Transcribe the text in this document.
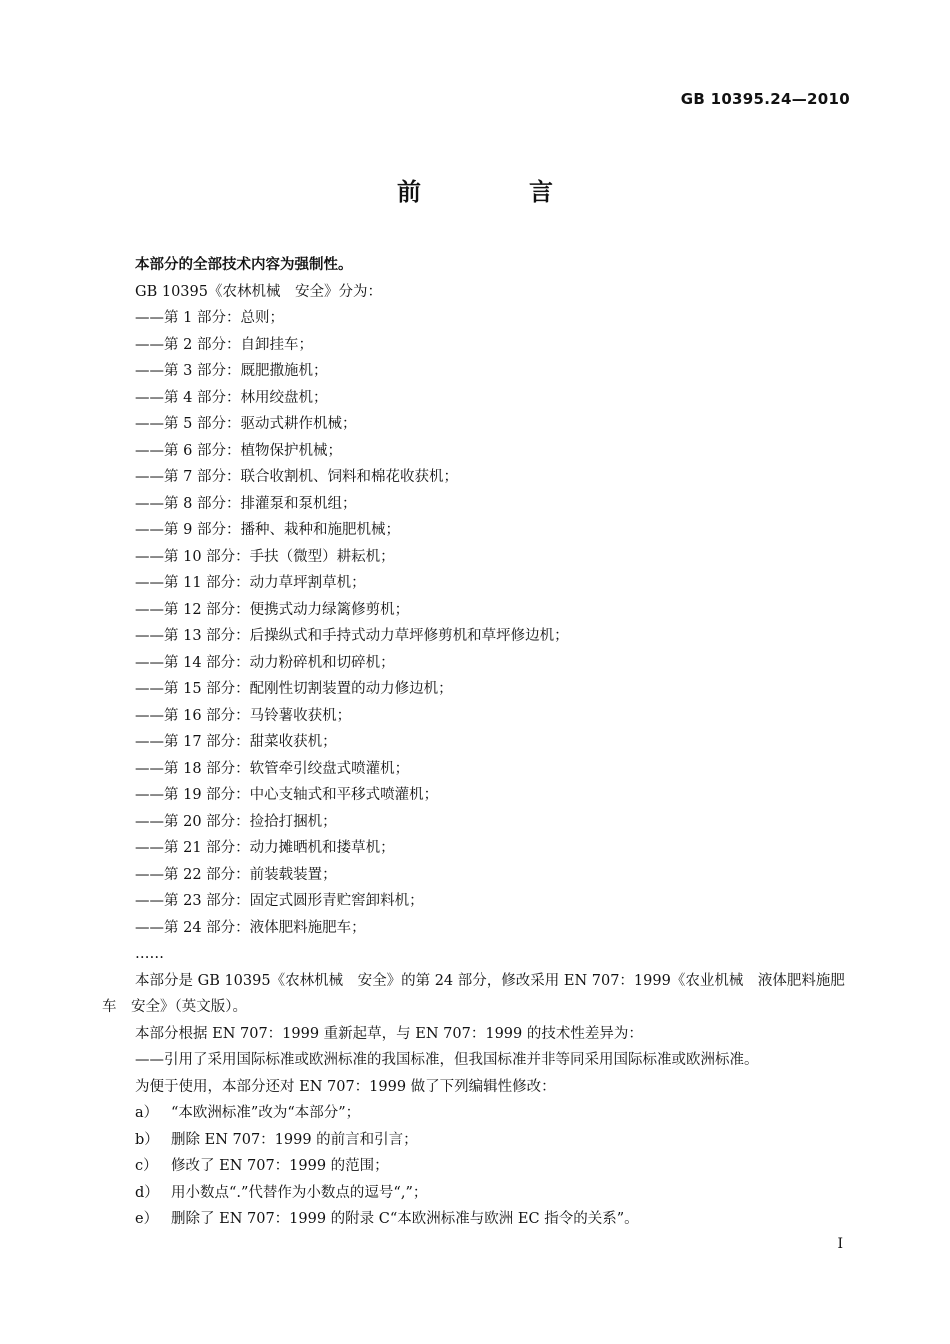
GB 10395.24—2010
前　言
本部分的全部技术内容为强制性。
GB 10395《农林机械　安全》分为：
——第 1 部分：总则；
——第 2 部分：自卸挂车；
——第 3 部分：厩肥撒施机；
——第 4 部分：林用绞盘机；
——第 5 部分：驱动式耕作机械；
——第 6 部分：植物保护机械；
——第 7 部分：联合收割机、饲料和棉花收获机；
——第 8 部分：排灌泵和泵机组；
——第 9 部分：播种、栽种和施肥机械；
——第 10 部分：手扶（微型）耕耘机；
——第 11 部分：动力草坪割草机；
——第 12 部分：便携式动力绿篱修剪机；
——第 13 部分：后操纵式和手持式动力草坪修剪机和草坪修边机；
——第 14 部分：动力粉碎机和切碎机；
——第 15 部分：配刚性切割装置的动力修边机；
——第 16 部分：马铃薯收获机；
——第 17 部分：甜菜收获机；
——第 18 部分：软管牵引绞盘式喷灌机；
——第 19 部分：中心支轴式和平移式喷灌机；
——第 20 部分：捡拾打捆机；
——第 21 部分：动力摊晒机和搂草机；
——第 22 部分：前装载装置；
——第 23 部分：固定式圆形青贮窖卸料机；
——第 24 部分：液体肥料施肥车；
……
本部分是 GB 10395《农林机械　安全》的第 24 部分，修改采用 EN 707：1999《农业机械　液体肥料施肥车　安全》（英文版）。
本部分根据 EN 707：1999 重新起草，与 EN 707：1999 的技术性差异为：
——引用了采用国际标准或欧洲标准的我国标准，但我国标准并非等同采用国际标准或欧洲标准。
为便于使用，本部分还对 EN 707：1999 做了下列编辑性修改：
a） “本欧洲标准”改为“本部分”；
b） 删除 EN 707：1999 的前言和引言；
c） 修改了 EN 707：1999 的范围；
d） 用小数点“.”代替作为小数点的逗号“,”；
e） 删除了 EN 707：1999 的附录 C“本欧洲标准与欧洲 EC 指令的关系”。
I
